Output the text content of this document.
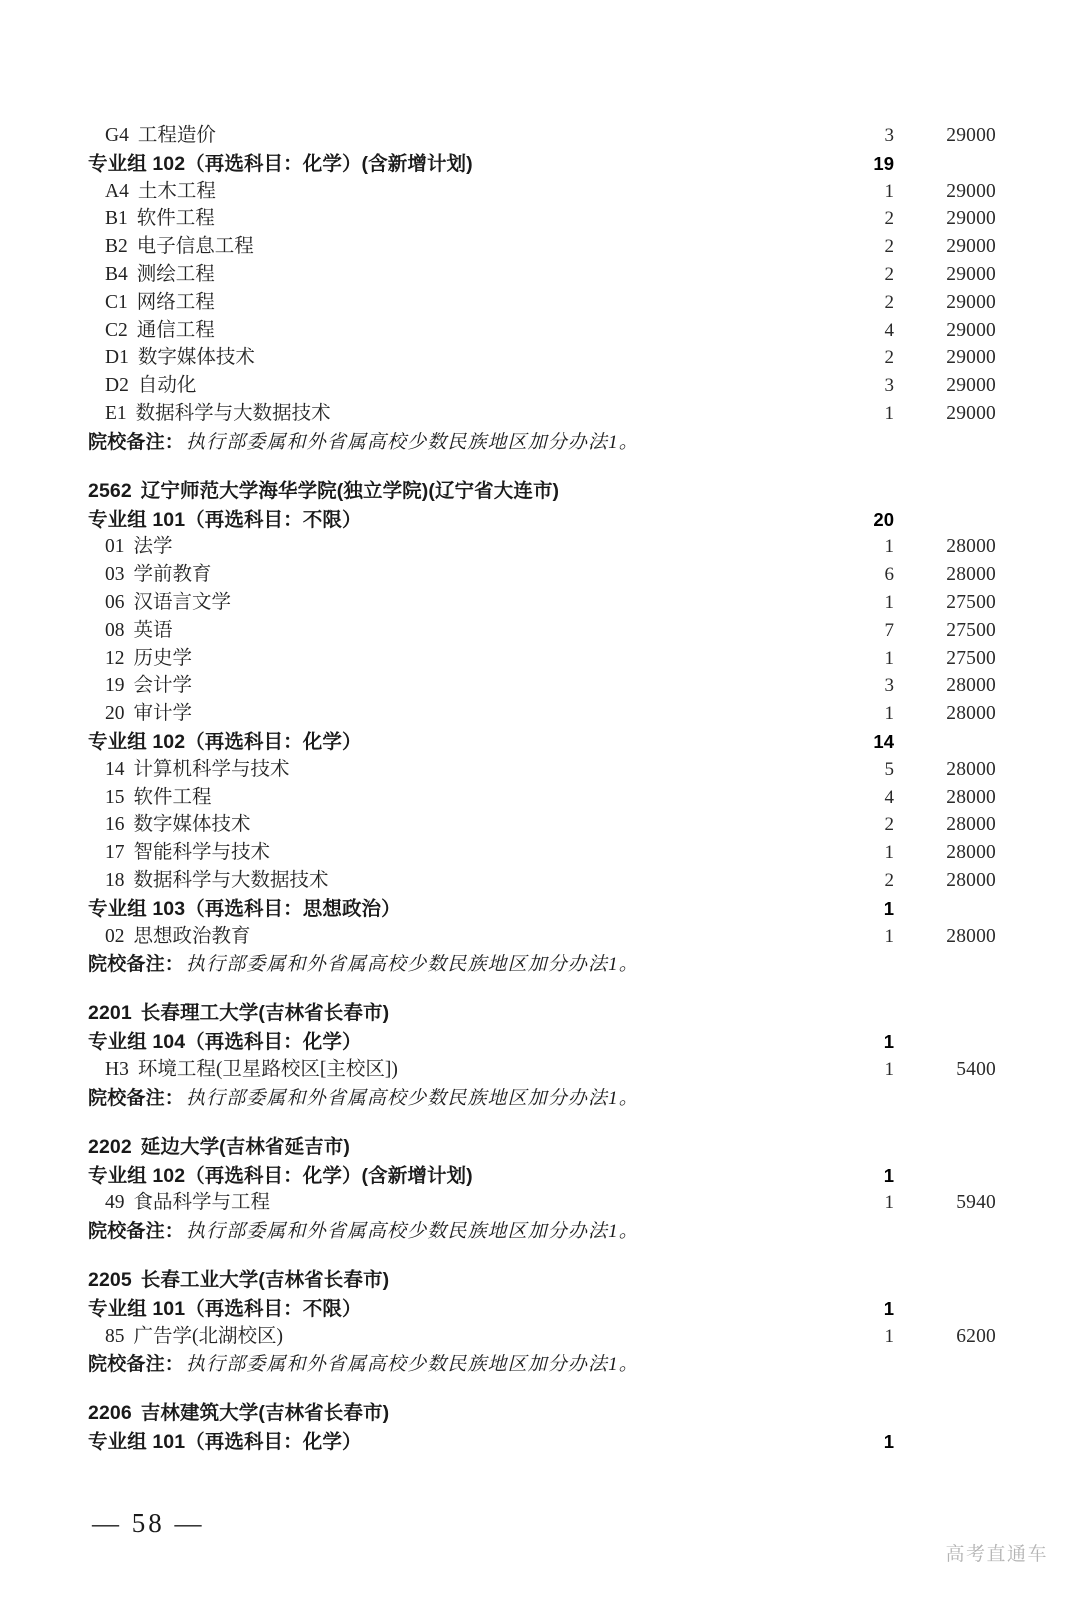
G4 工程造价	3	29000
专业组 102（再选科目：化学）(含新增计划)	19
A4 土木工程	1	29000
B1 软件工程	2	29000
B2 电子信息工程	2	29000
B4 测绘工程	2	29000
C1 网络工程	2	29000
C2 通信工程	4	29000
D1 数字媒体技术	2	29000
D2 自动化	3	29000
E1 数据科学与大数据技术	1	29000
院校备注： 执行部委属和外省属高校少数民族地区加分办法1。
2562 辽宁师范大学海华学院(独立学院)(辽宁省大连市)
专业组 101（再选科目：不限）	20
01 法学	1	28000
03 学前教育	6	28000
06 汉语言文学	1	27500
08 英语	7	27500
12 历史学	1	27500
19 会计学	3	28000
20 审计学	1	28000
专业组 102（再选科目：化学）	14
14 计算机科学与技术	5	28000
15 软件工程	4	28000
16 数字媒体技术	2	28000
17 智能科学与技术	1	28000
18 数据科学与大数据技术	2	28000
专业组 103（再选科目：思想政治）	1
02 思想政治教育	1	28000
院校备注： 执行部委属和外省属高校少数民族地区加分办法1。
2201 长春理工大学(吉林省长春市)
专业组 104（再选科目：化学）	1
H3 环境工程(卫星路校区[主校区])	1	5400
院校备注： 执行部委属和外省属高校少数民族地区加分办法1。
2202 延边大学(吉林省延吉市)
专业组 102（再选科目：化学）(含新增计划)	1
49 食品科学与工程	1	5940
院校备注： 执行部委属和外省属高校少数民族地区加分办法1。
2205 长春工业大学(吉林省长春市)
专业组 101（再选科目：不限）	1
85 广告学(北湖校区)	1	6200
院校备注： 执行部委属和外省属高校少数民族地区加分办法1。
2206 吉林建筑大学(吉林省长春市)
专业组 101（再选科目：化学）	1
— 58 —
高考直通车
